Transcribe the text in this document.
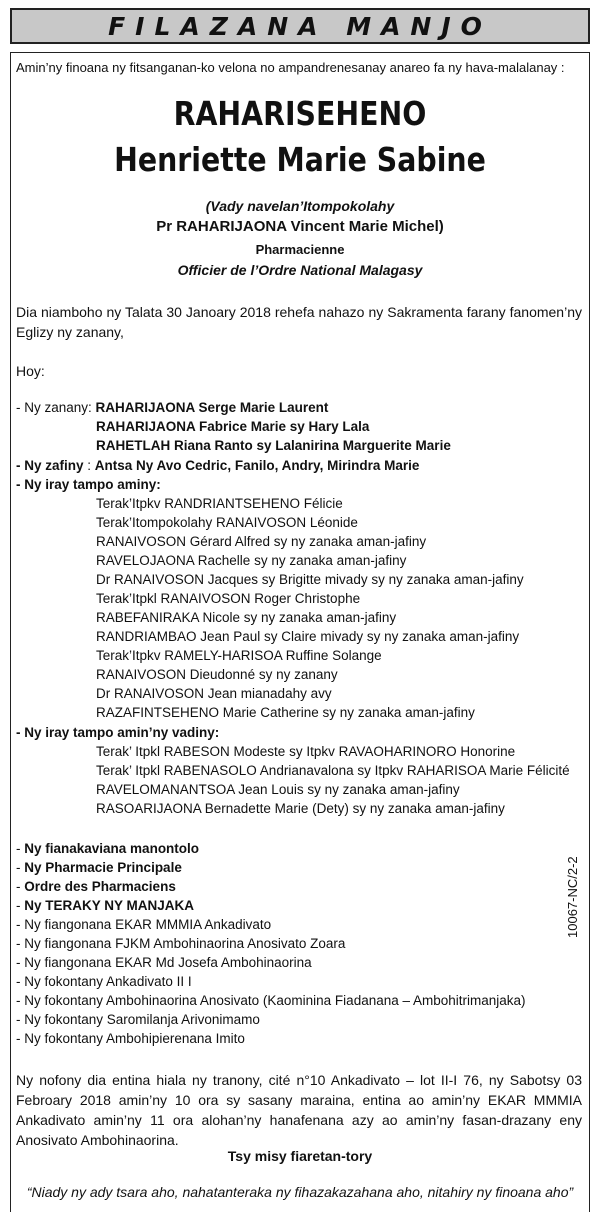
FILAZANA MANJO
Amin’ny finoana ny fitsanganan-ko velona no ampandrenesanay anareo fa ny hava-malalanay :
RAHARISEHENO
Henriette Marie Sabine
(Vady navelan’Itompokolahy
Pr RAHARIJAONA Vincent Marie Michel)
Pharmacienne
Officier de l’Ordre National Malagasy
Dia niamboho ny Talata 30 Janoary 2018 rehefa nahazo ny Sakramenta farany fanomen’ny Eglizy ny zanany,
Hoy:
- Ny zanany: RAHARIJAONA Serge Marie Laurent
RAHARIJAONA Fabrice Marie sy Hary Lala
RAHETLAH Riana Ranto sy Lalanirina Marguerite Marie
- Ny zafiny : Antsa Ny Avo Cedric, Fanilo, Andry, Mirindra Marie
- Ny iray tampo aminy:
Terak’Itpkv RANDRIANTSEHENO Félicie
Terak’Itompokolahy RANAIVOSON Léonide
RANAIVOSON Gérard Alfred sy ny zanaka aman-jafiny
RAVELOJAONA Rachelle sy ny zanaka aman-jafiny
Dr RANAIVOSON Jacques sy Brigitte mivady sy ny zanaka aman-jafiny
Terak’Itpkl RANAIVOSON Roger Christophe
RABEFANIRAKA Nicole sy ny zanaka aman-jafiny
RANDRIAMBAO Jean Paul sy Claire mivady sy ny zanaka aman-jafiny
Terak’Itpkv RAMELY-HARISOA Ruffine Solange
RANAIVOSON Dieudonné sy ny zanany
Dr RANAIVOSON Jean mianadahy avy
RAZAFINTSEHENO Marie Catherine sy ny zanaka aman-jafiny
- Ny iray tampo amin’ny vadiny:
Terak’ Itpkl RABESON Modeste sy Itpkv RAVAOHARINORO Honorine
Terak’ Itpkl RABENASOLO Andrianavalona sy Itpkv RAHARISOA Marie Félicité
RAVELOMANANTSOA Jean Louis sy ny zanaka aman-jafiny
RASOARIJAONA Bernadette Marie (Dety) sy ny zanaka aman-jafiny
- Ny fianakaviana manontolo
- Ny Pharmacie Principale
- Ordre des Pharmaciens
- Ny TERAKY NY MANJAKA
- Ny fiangonana EKAR MMMIA Ankadivato
- Ny fiangonana FJKM Ambohinaorina Anosivato Zoara
- Ny fiangonana EKAR Md Josefa Ambohinaorina
- Ny fokontany Ankadivato II I
- Ny fokontany Ambohinaorina Anosivato (Kaominina Fiadanana – Ambohitrimanjaka)
- Ny fokontany Saromilanja Arivonimamo
- Ny fokontany Ambohipierenana Imito
10067-NC/2-2
Ny nofony dia entina hiala ny tranony, cité n°10 Ankadivato – lot II-I 76, ny Sabotsy 03 Febroary 2018 amin’ny 10 ora sy sasany maraina, entina ao amin’ny EKAR MMMIA Ankadivato amin’ny 11 ora alohan’ny hanafenana azy ao amin’ny fasan-drazany eny Anosivato Ambohinaorina.
Tsy misy fiaretan-tory
“Niady ny ady tsara aho, nahatanteraka ny fihazakazahana aho, nitahiry ny finoana aho”
